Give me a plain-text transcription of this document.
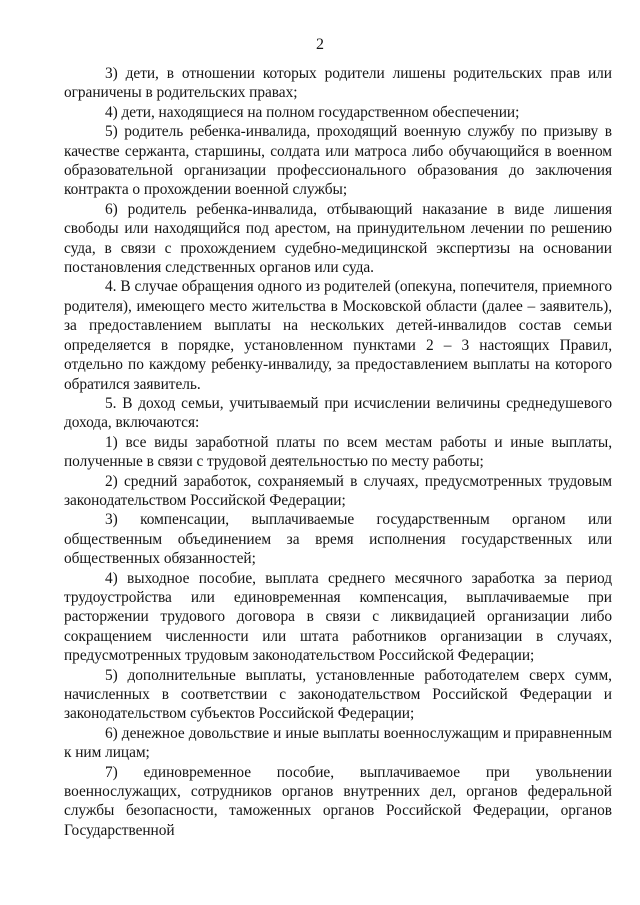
2

3) дети, в отношении которых родители лишены родительских прав или ограничены в родительских правах;

4) дети, находящиеся на полном государственном обеспечении;

5) родитель ребенка-инвалида, проходящий военную службу по призыву в качестве сержанта, старшины, солдата или матроса либо обучающийся в военном образовательной организации профессионального образования до заключения контракта о прохождении военной службы;

6) родитель ребенка-инвалида, отбывающий наказание в виде лишения свободы или находящийся под арестом, на принудительном лечении по решению суда, в связи с прохождением судебно-медицинской экспертизы на основании постановления следственных органов или суда.

4. В случае обращения одного из родителей (опекуна, попечителя, приемного родителя), имеющего место жительства в Московской области (далее – заявитель), за предоставлением выплаты на нескольких детей-инвалидов состав семьи определяется в порядке, установленном пунктами 2 – 3 настоящих Правил, отдельно по каждому ребенку-инвалиду, за предоставлением выплаты на которого обратился заявитель.

5. В доход семьи, учитываемый при исчислении величины среднедушевого дохода, включаются:

1) все виды заработной платы по всем местам работы и иные выплаты, полученные в связи с трудовой деятельностью по месту работы;

2) средний заработок, сохраняемый в случаях, предусмотренных трудовым законодательством Российской Федерации;

3) компенсации, выплачиваемые государственным органом или общественным объединением за время исполнения государственных или общественных обязанностей;

4) выходное пособие, выплата среднего месячного заработка за период трудоустройства или единовременная компенсация, выплачиваемые при расторжении трудового договора в связи с ликвидацией организации либо сокращением численности или штата работников организации в случаях, предусмотренных трудовым законодательством Российской Федерации;

5) дополнительные выплаты, установленные работодателем сверх сумм, начисленных в соответствии с законодательством Российской Федерации и законодательством субъектов Российской Федерации;

6) денежное довольствие и иные выплаты военнослужащим и приравненным к ним лицам;

7) единовременное пособие, выплачиваемое при увольнении военнослужащих, сотрудников органов внутренних дел, органов федеральной службы безопасности, таможенных органов Российской Федерации, органов Государственной
